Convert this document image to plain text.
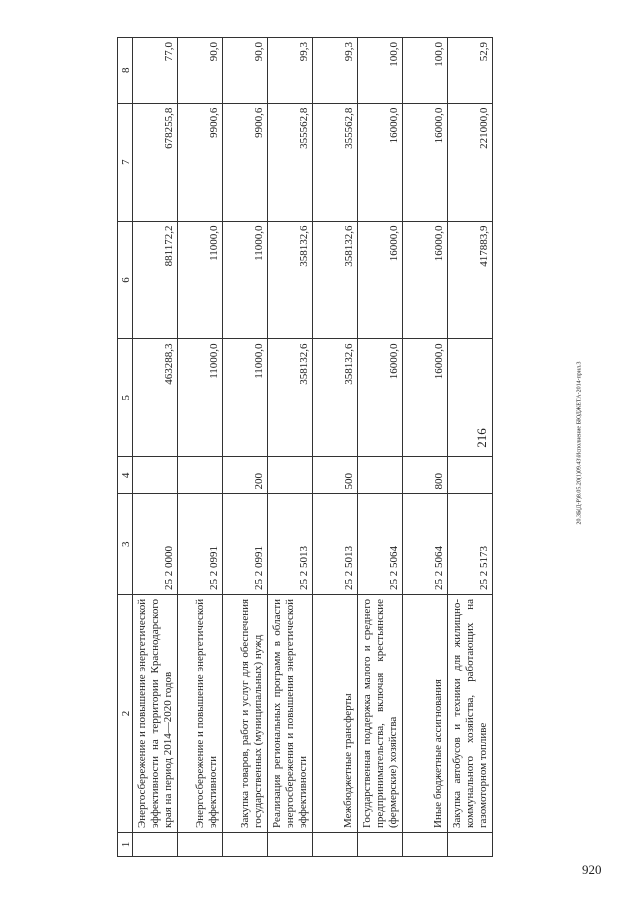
216
920
20.3Б(Д-Р)8.05.20(1)09.43\Исполнение БЮДЖЕТА-2014-прил.3
1	2	3	4	5	6	7	8
	Энергосбережение и повышение энергетической эффективности на территории Краснодарского края на период 2014—2020 годов	25 2 0000		463288,3	881172,2	678255,8	77,0
	Энергосбережение и повышение энергетической эффективности	25 2 0991		11000,0	11000,0	9900,6	90,0
	Закупка товаров, работ и услуг для обеспечения государственных (муниципальных) нужд	25 2 0991	200	11000,0	11000,0	9900,6	90,0
	Реализация региональных программ в области энергосбережения и повышения энергетической эффективности	25 2 5013		358132,6	358132,6	355562,8	99,3
	Межбюджетные трансферты	25 2 5013	500	358132,6	358132,6	355562,8	99,3
	Государственная поддержка малого и среднего предпринимательства, включая крестьянские (фермерские) хозяйства	25 2 5064		16000,0	16000,0	16000,0	100,0
	Иные бюджетные ассигнования	25 2 5064	800	16000,0	16000,0	16000,0	100,0
	Закупка автобусов и техники для жилищно-коммунального хозяйства, работающих на газомоторном топливе	25 2 5173			417883,9	221000,0	52,9
